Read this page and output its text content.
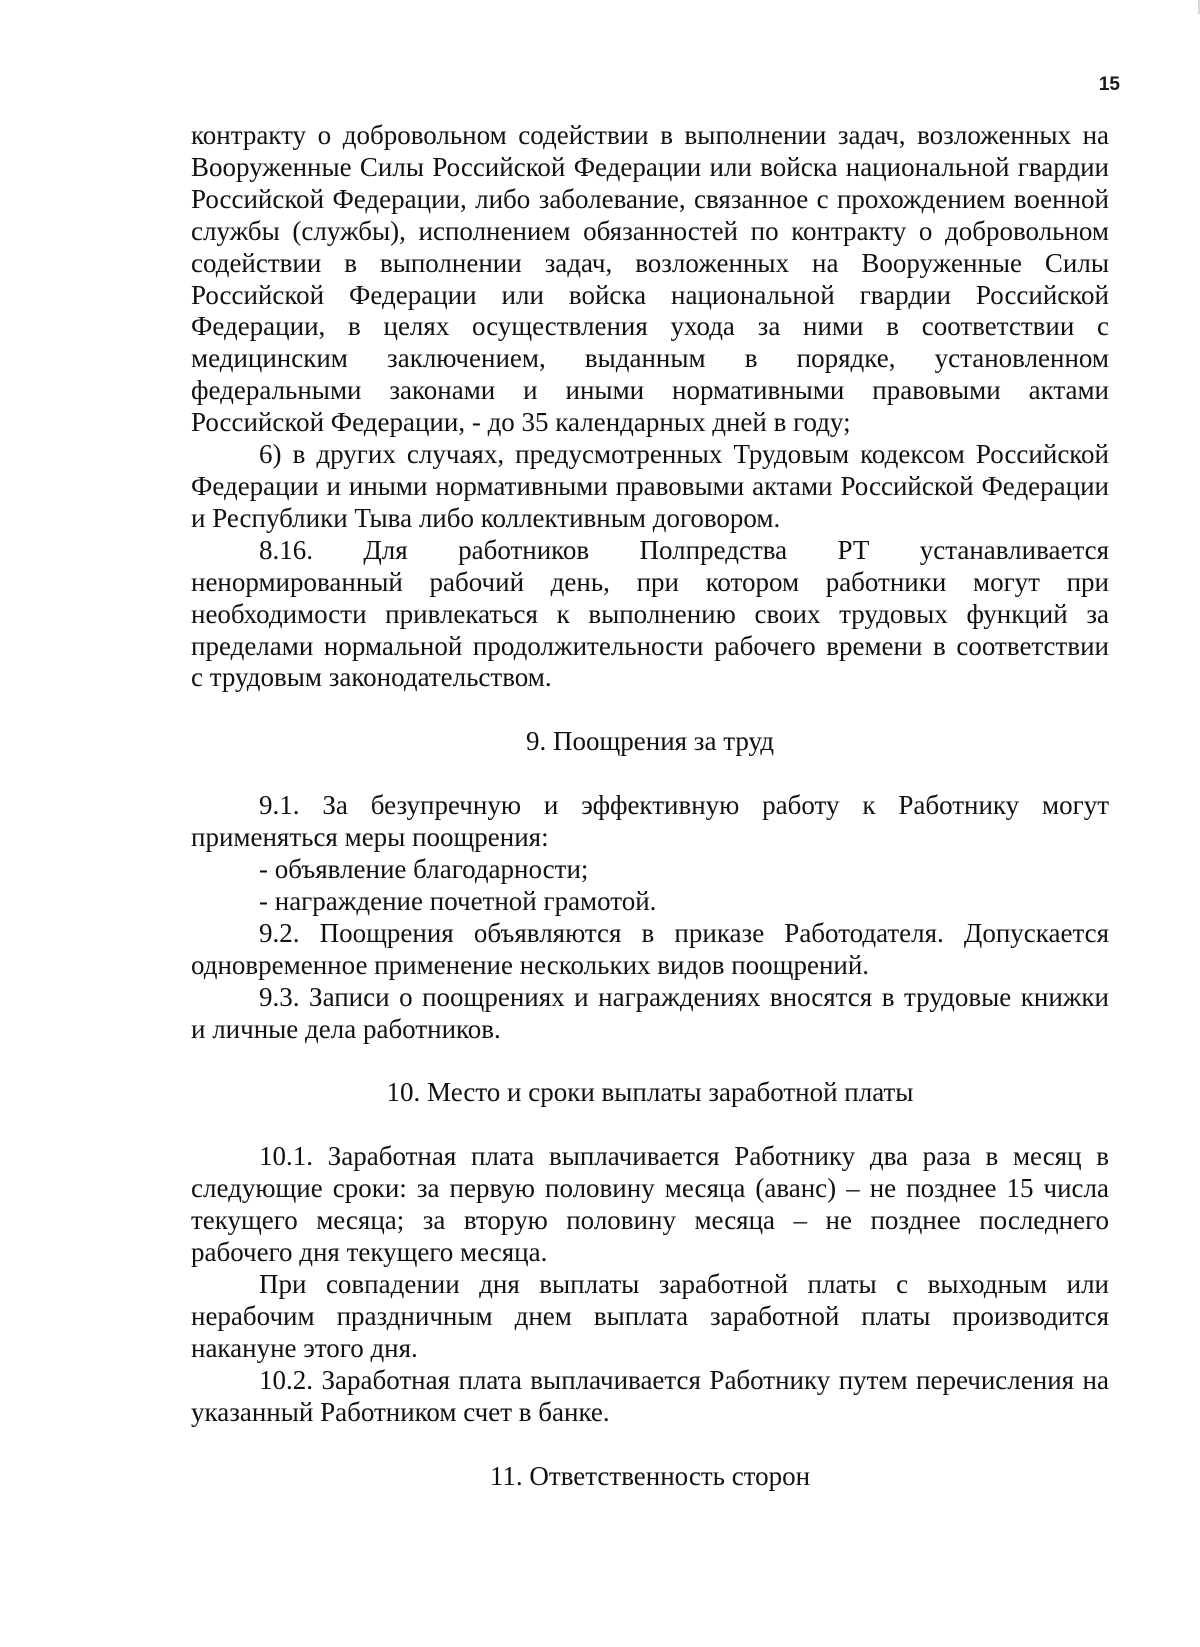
15
контракту о добровольном содействии в выполнении задач, возложенных на
Вооруженные Силы Российской Федерации или войска национальной гвардии
Российской Федерации, либо заболевание, связанное с прохождением военной
службы (службы), исполнением обязанностей по контракту о добровольном
содействии в выполнении задач, возложенных на Вооруженные Силы
Российской Федерации или войска национальной гвардии Российской
Федерации, в целях осуществления ухода за ними в соответствии с
медицинским заключением, выданным в порядке, установленном
федеральными законами и иными нормативными правовыми актами
Российской Федерации, - до 35 календарных дней в году;
6) в других случаях, предусмотренных Трудовым кодексом Российской
Федерации и иными нормативными правовыми актами Российской Федерации
и Республики Тыва либо коллективным договором.
8.16. Для работников Полпредства РТ устанавливается
ненормированный рабочий день, при котором работники могут при
необходимости привлекаться к выполнению своих трудовых функций за
пределами нормальной продолжительности рабочего времени в соответствии
с трудовым законодательством.
9. Поощрения за труд
9.1. За безупречную и эффективную работу к Работнику могут
применяться меры поощрения:
- объявление благодарности;
- награждение почетной грамотой.
9.2. Поощрения объявляются в приказе Работодателя. Допускается
одновременное применение нескольких видов поощрений.
9.3. Записи о поощрениях и награждениях вносятся в трудовые книжки
и личные дела работников.
10. Место и сроки выплаты заработной платы
10.1. Заработная плата выплачивается Работнику два раза в месяц в
следующие сроки: за первую половину месяца (аванс) – не позднее 15 числа
текущего месяца; за вторую половину месяца – не позднее последнего
рабочего дня текущего месяца.
При совпадении дня выплаты заработной платы с выходным или
нерабочим праздничным днем выплата заработной платы производится
накануне этого дня.
10.2. Заработная плата выплачивается Работнику путем перечисления на
указанный Работником счет в банке.
11. Ответственность сторон
